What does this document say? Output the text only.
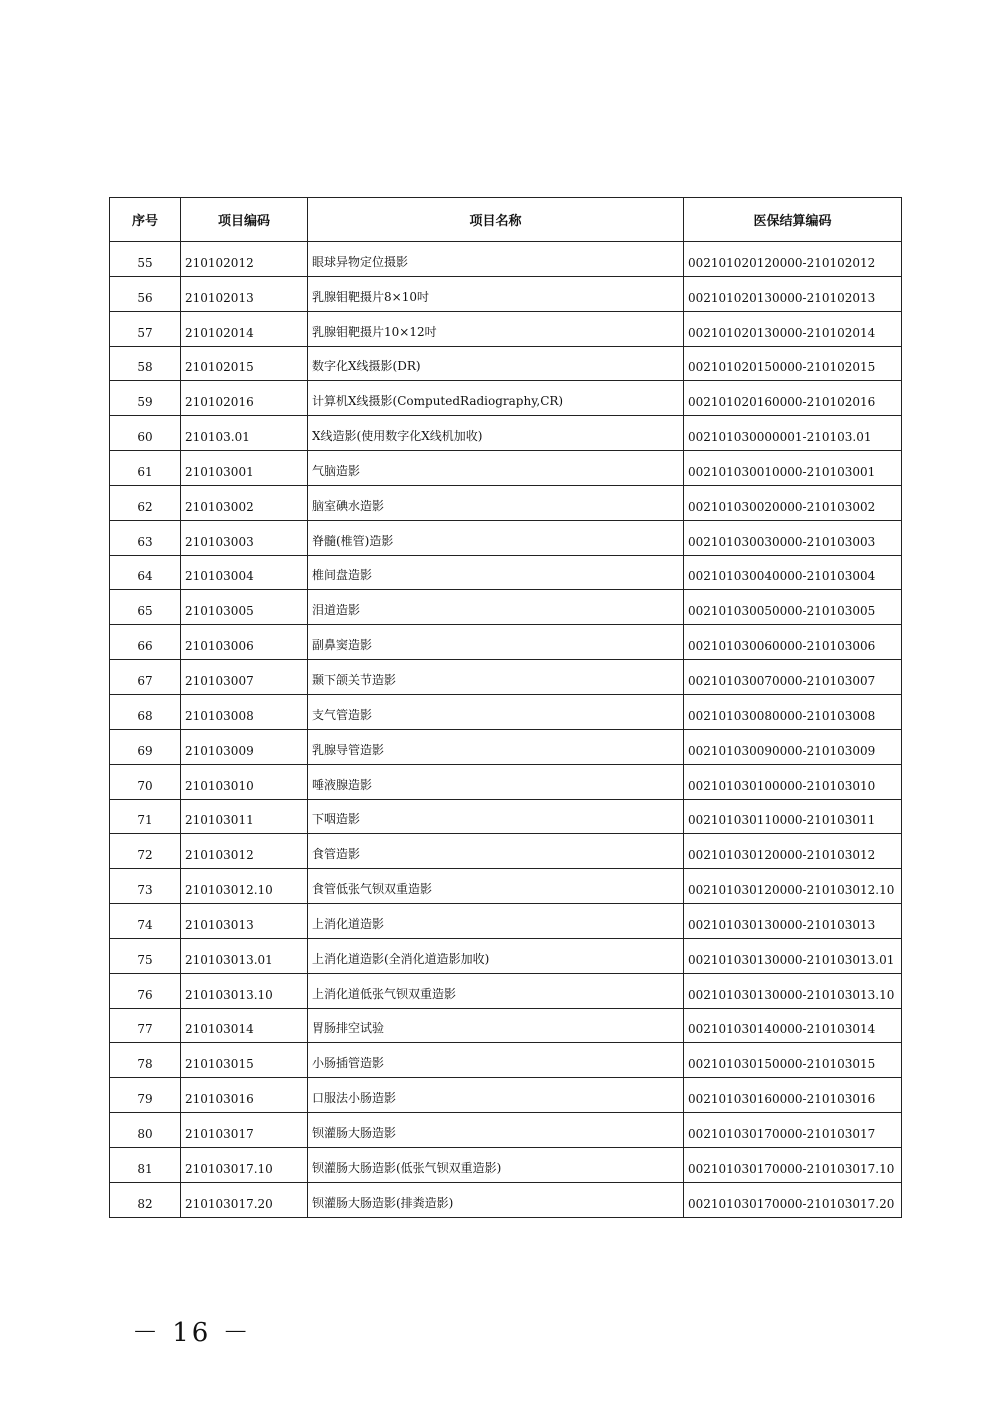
序号	项目编码	项目名称	医保结算编码
55	210102012	眼球异物定位摄影	002101020120000-210102012
56	210102013	乳腺钼靶摄片8×10吋	002101020130000-210102013
57	210102014	乳腺钼靶摄片10×12吋	002101020130000-210102014
58	210102015	数字化X线摄影(DR)	002101020150000-210102015
59	210102016	计算机X线摄影(ComputedRadiography,CR)	002101020160000-210102016
60	210103.01	X线造影(使用数字化X线机加收)	002101030000001-210103.01
61	210103001	气脑造影	002101030010000-210103001
62	210103002	脑室碘水造影	002101030020000-210103002
63	210103003	脊髓(椎管)造影	002101030030000-210103003
64	210103004	椎间盘造影	002101030040000-210103004
65	210103005	泪道造影	002101030050000-210103005
66	210103006	副鼻窦造影	002101030060000-210103006
67	210103007	颞下颌关节造影	002101030070000-210103007
68	210103008	支气管造影	002101030080000-210103008
69	210103009	乳腺导管造影	002101030090000-210103009
70	210103010	唾液腺造影	002101030100000-210103010
71	210103011	下咽造影	002101030110000-210103011
72	210103012	食管造影	002101030120000-210103012
73	210103012.10	食管低张气钡双重造影	002101030120000-210103012.10
74	210103013	上消化道造影	002101030130000-210103013
75	210103013.01	上消化道造影(全消化道造影加收)	002101030130000-210103013.01
76	210103013.10	上消化道低张气钡双重造影	002101030130000-210103013.10
77	210103014	胃肠排空试验	002101030140000-210103014
78	210103015	小肠插管造影	002101030150000-210103015
79	210103016	口服法小肠造影	002101030160000-210103016
80	210103017	钡灌肠大肠造影	002101030170000-210103017
81	210103017.10	钡灌肠大肠造影(低张气钡双重造影)	002101030170000-210103017.10
82	210103017.20	钡灌肠大肠造影(排粪造影)	002101030170000-210103017.20
－ 16 －
